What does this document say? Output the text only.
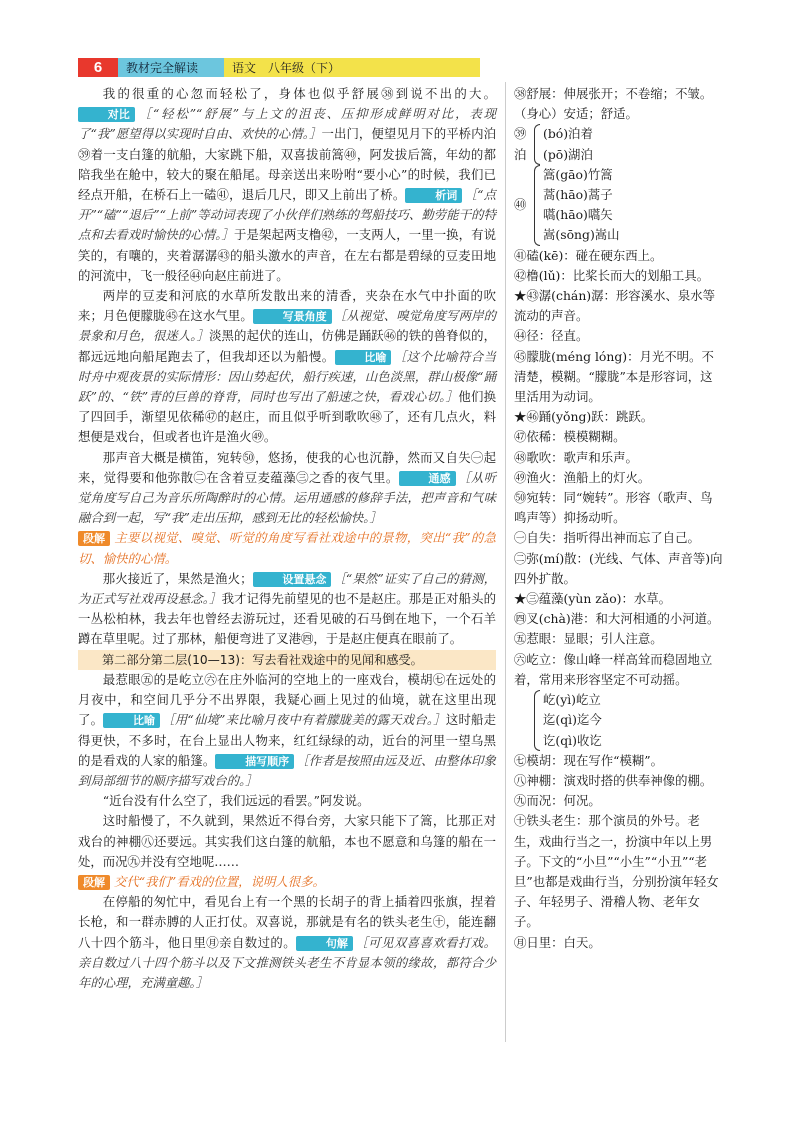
6	教材完全解读	语文　八年级（下）

我的很重的心忽而轻松了，身体也似乎舒展㊳到说不出的大。对比 ［“轻松”“舒展”与上文的沮丧、压抑形成鲜明对比，表现了“我”愿望得以实现时自由、欢快的心情。］一出门，便望见月下的平桥内泊㊴着一支白篷的航船，大家跳下船，双喜拔前篙㊵，阿发拔后篙，年幼的都陪我坐在舱中，较大的聚在船尾。母亲送出来吩咐“要小心”的时候，我们已经点开船，在桥石上一磕㊶，退后几尺，即又上前出了桥。	析词 ［“点开”“磕”“退后”“上前”等动词表现了小伙伴们熟练的驾船技巧、勤劳能干的特点和去看戏时愉快的心情。］于是架起两支橹㊷，一支两人，一里一换，有说笑的，有嚷的，夹着潺潺㊸的船头激水的声音，在左右都是碧绿的豆麦田地的河流中，飞一般径㊹向赵庄前进了。

两岸的豆麦和河底的水草所发散出来的清香，夹杂在水气中扑面的吹来；月色便朦胧㊺在这水气里。	写景角度 ［从视觉、嗅觉角度写两岸的景象和月色，很迷人。］淡黑的起伏的连山，仿佛是踊跃㊻的铁的兽脊似的，都远远地向船尾跑去了，但我却还以为船慢。	比喻 ［这个比喻符合当时舟中观夜景的实际情形：因山势起伏，船行疾速，山色淡黑，群山极像“踊跃”的、“铁”青的巨兽的脊背，同时也写出了船速之快，看戏心切。］他们换了四回手，渐望见依稀㊼的赵庄，而且似乎听到歌吹㊽了，还有几点火，料想便是戏台，但或者也许是渔火㊾。

那声音大概是横笛，宛转㊿，悠扬，使我的心也沉静，然而又自失㊀起来，觉得要和他弥散㊁在含着豆麦蕴藻㊂之香的夜气里。	通感 ［从听觉角度写自己为音乐所陶醉时的心情。运用通感的修辞手法，把声音和气味融合到一起，写“我”走出压抑，感到无比的轻松愉快。］

段解 主要以视觉、嗅觉、听觉的角度写看社戏途中的景物，突出“我”的急切、愉快的心情。

那火接近了，果然是渔火；	设置悬念 ［“果然”证实了自己的猜测，为正式写社戏再设悬念。］我才记得先前望见的也不是赵庄。那是正对船头的一丛松柏林，我去年也曾经去游玩过，还看见破的石马倒在地下，一个石羊蹲在草里呢。过了那林，船便弯进了叉港㊃，于是赵庄便真在眼前了。

第二部分第二层(10—13)：写去看社戏途中的见闻和感受。

最惹眼㊄的是屹立㊅在庄外临河的空地上的一座戏台，模胡㊆在远处的月夜中，和空间几乎分不出界限，我疑心画上见过的仙境，就在这里出现了。	比喻 ［用“仙境”来比喻月夜中有着朦胧美的露天戏台。］这时船走得更快，不多时，在台上显出人物来，红红绿绿的动，近台的河里一望乌黑的是看戏的人家的船篷。	描写顺序 ［作者是按照由远及近、由整体印象到局部细节的顺序描写戏台的。］

“近台没有什么空了，我们远远的看罢。”阿发说。

这时船慢了，不久就到，果然近不得台旁，大家只能下了篙，比那正对戏台的神棚㊇还要远。其实我们这白篷的航船，本也不愿意和乌篷的船在一处，而况㊈并没有空地呢……

段解 交代“我们”看戏的位置，说明人很多。

在停船的匆忙中，看见台上有一个黑的长胡子的背上插着四张旗，捏着长枪，和一群赤膊的人正打仗。双喜说，那就是有名的铁头老生㊉，能连翻八十四个筋斗，他日里㊊亲自数过的。	句解 ［可见双喜喜欢看打戏。亲自数过八十四个筋斗以及下文推测铁头老生不肯显本领的缘故，都符合少年的心理，充满童趣。］

㊳舒展：伸展张开；不卷缩；不皱。（身心）安适；舒适。

㊴泊
(bó)泊着
(pō)湖泊
㊵
篙(gāo)竹篙
蒿(hāo)蒿子
嚆(hāo)嚆矢
嵩(sōng)嵩山

㊶磕(kē)：碰在硬东西上。

㊷橹(lǔ)：比桨长而大的划船工具。

★㊸潺(chán)潺：形容溪水、泉水等流动的声音。

㊹径：径直。

㊺朦胧(méng lóng)：月光不明。不清楚，模糊。“朦胧”本是形容词，这里活用为动词。

★㊻踊(yǒng)跃：跳跃。

㊼依稀：模模糊糊。

㊽歌吹：歌声和乐声。

㊾渔火：渔船上的灯火。

㊿宛转：同“婉转”。形容（歌声、鸟鸣声等）抑扬动听。

㊀自失：指听得出神而忘了自己。

㊁弥(mí)散：(光线、气体、声音等)向四外扩散。

★㊂蕴藻(yùn zǎo)：水草。

㊃叉(chà)港：和大河相通的小河道。

㊄惹眼：显眼；引人注意。

㊅屹立：像山峰一样高耸而稳固地立着，常用来形容坚定不可动摇。

屹(yì)屹立
迄(qì)迄今
讫(qì)收讫

㊆模胡：现在写作“模糊”。

㊇神棚：演戏时搭的供奉神像的棚。

㊈而况：何况。

㊉铁头老生：那个演员的外号。老生，戏曲行当之一，扮演中年以上男子。下文的“小旦”“小生”“小丑”“老旦”也都是戏曲行当，分别扮演年轻女子、年轻男子、滑稽人物、老年女子。

㊊日里：白天。
